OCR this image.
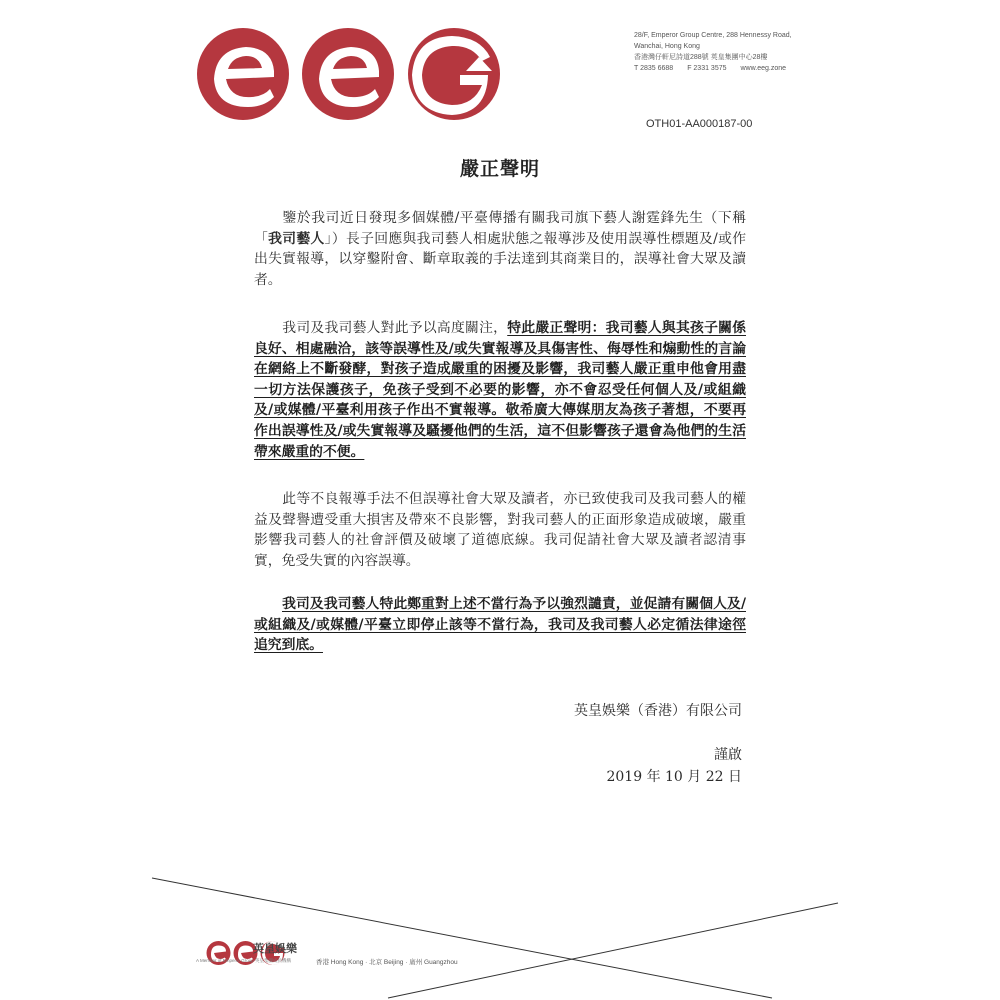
28/F, Emperor Group Centre, 288 Hennessy Road,
Wanchai, Hong Kong
香港灣仔軒尼詩道288號 英皇集團中心28樓
T 2835 6688 F 2331 3575 www.eeg.zone
OTH01-AA000187-00
嚴正聲明

鑒於我司近日發現多個媒體/平臺傳播有關我司旗下藝人謝霆鋒先生（下稱「我司藝人」）長子回應與我司藝人相處狀態之報導涉及使用誤導性標題及/或作出失實報導，以穿鑿附會、斷章取義的手法達到其商業目的，誤導社會大眾及讀者。

我司及我司藝人對此予以高度關注，特此嚴正聲明：我司藝人與其孩子關係良好、相處融洽，該等誤導性及/或失實報導及具傷害性、侮辱性和煽動性的言論在網絡上不斷發酵，對孩子造成嚴重的困擾及影響，我司藝人嚴正重申他會用盡一切方法保護孩子，免孩子受到不必要的影響，亦不會忍受任何個人及/或組織及/或媒體/平臺利用孩子作出不實報導。敬希廣大傳媒朋友為孩子著想，不要再作出誤導性及/或失實報導及騷擾他們的生活，這不但影響孩子還會為他們的生活帶來嚴重的不便。

此等不良報導手法不但誤導社會大眾及讀者，亦已致使我司及我司藝人的權益及聲譽遭受重大損害及帶來不良影響，對我司藝人的正面形象造成破壞，嚴重影響我司藝人的社會評價及破壞了道德底線。我司促請社會大眾及讀者認清事實，免受失實的內容誤導。

我司及我司藝人特此鄭重對上述不當行為予以強烈譴責，並促請有關個人及/或組織及/或媒體/平臺立即停止該等不當行為，我司及我司藝人必定循法律途徑追究到底。

英皇娛樂（香港）有限公司
謹啟
2019 年 10 月 22 日
英皇娛樂
A Member of Emperor Group 英皇集團成員機構	香港 Hong Kong · 北京 Beijing · 廣州 Guangzhou
